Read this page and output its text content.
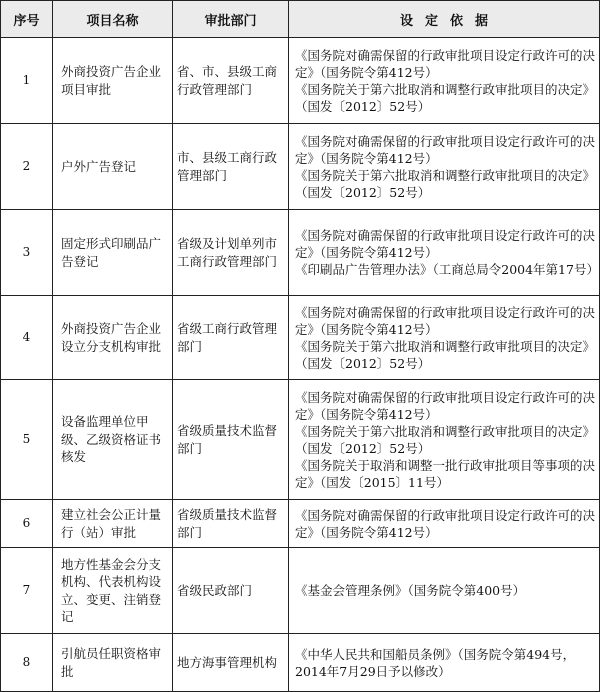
序号	项目名称	审批部门	设定依据
1	外商投资广告企业项目审批	省、市、县级工商行政管理部门	《国务院对确需保留的行政审批项目设定行政许可的决定》（国务院令第412号）
《国务院关于第六批取消和调整行政审批项目的决定》（国发〔2012〕52号）

2	户外广告登记	市、县级工商行政管理部门	《国务院对确需保留的行政审批项目设定行政许可的决定》（国务院令第412号）
《国务院关于第六批取消和调整行政审批项目的决定》（国发〔2012〕52号）

3	固定形式印刷品广告登记	省级及计划单列市工商行政管理部门	《国务院对确需保留的行政审批项目设定行政许可的决定》（国务院令第412号）
《印刷品广告管理办法》（工商总局令2004年第17号）

4	外商投资广告企业设立分支机构审批	省级工商行政管理部门	《国务院对确需保留的行政审批项目设定行政许可的决定》（国务院令第412号）
《国务院关于第六批取消和调整行政审批项目的决定》（国发〔2012〕52号）

5	设备监理单位甲级、乙级资格证书核发	省级质量技术监督部门	《国务院对确需保留的行政审批项目设定行政许可的决定》（国务院令第412号）
《国务院关于第六批取消和调整行政审批项目的决定》（国发〔2012〕52号）
《国务院关于取消和调整一批行政审批项目等事项的决定》（国发〔2015〕11号）

6	建立社会公正计量行（站）审批	省级质量技术监督部门	《国务院对确需保留的行政审批项目设定行政许可的决定》（国务院令第412号）

7	地方性基金会分支机构、代表机构设立、变更、注销登记	省级民政部门	《基金会管理条例》（国务院令第400号）

8	引航员任职资格审批	地方海事管理机构	《中华人民共和国船员条例》（国务院令第494号，2014年7月29日予以修改）
